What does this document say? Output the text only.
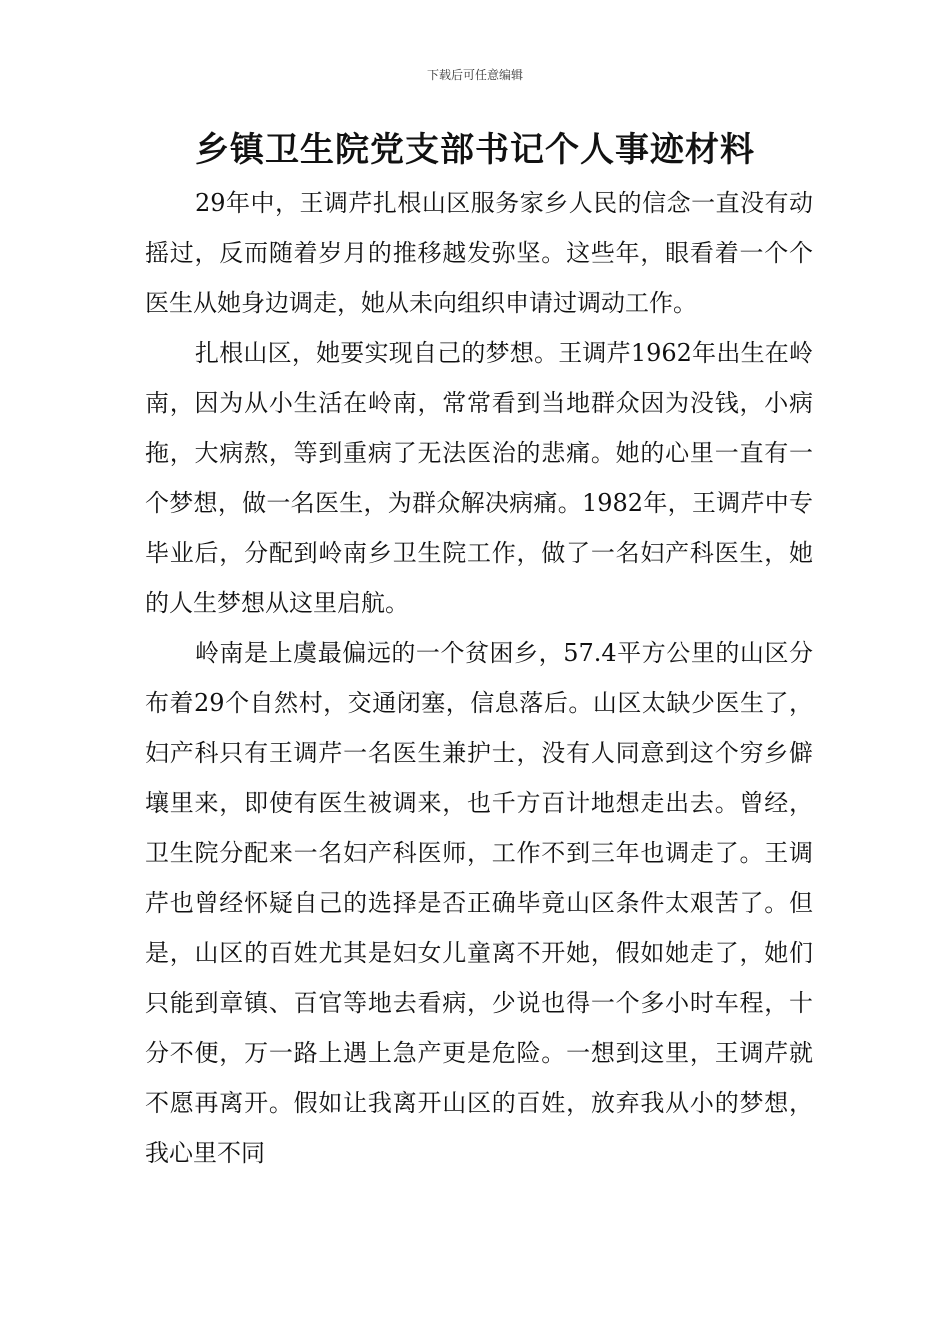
下载后可任意编辑
乡镇卫生院党支部书记个人事迹材料

29年中，王调芹扎根山区服务家乡人民的信念一直没有动摇过，反而随着岁月的推移越发弥坚。这些年，眼看着一个个医生从她身边调走，她从未向组织申请过调动工作。

扎根山区，她要实现自己的梦想。王调芹1962年出生在岭南，因为从小生活在岭南，常常看到当地群众因为没钱，小病拖，大病熬，等到重病了无法医治的悲痛。她的心里一直有一个梦想，做一名医生，为群众解决病痛。1982年，王调芹中专毕业后，分配到岭南乡卫生院工作，做了一名妇产科医生，她的人生梦想从这里启航。

岭南是上虞最偏远的一个贫困乡，57.4平方公里的山区分布着29个自然村，交通闭塞，信息落后。山区太缺少医生了，妇产科只有王调芹一名医生兼护士，没有人同意到这个穷乡僻壤里来，即使有医生被调来，也千方百计地想走出去。曾经，卫生院分配来一名妇产科医师，工作不到三年也调走了。王调芹也曾经怀疑自己的选择是否正确毕竟山区条件太艰苦了。但是，山区的百姓尤其是妇女儿童离不开她，假如她走了，她们只能到章镇、百官等地去看病，少说也得一个多小时车程，十分不便，万一路上遇上急产更是危险。一想到这里，王调芹就不愿再离开。假如让我离开山区的百姓，放弃我从小的梦想，我心里不同
